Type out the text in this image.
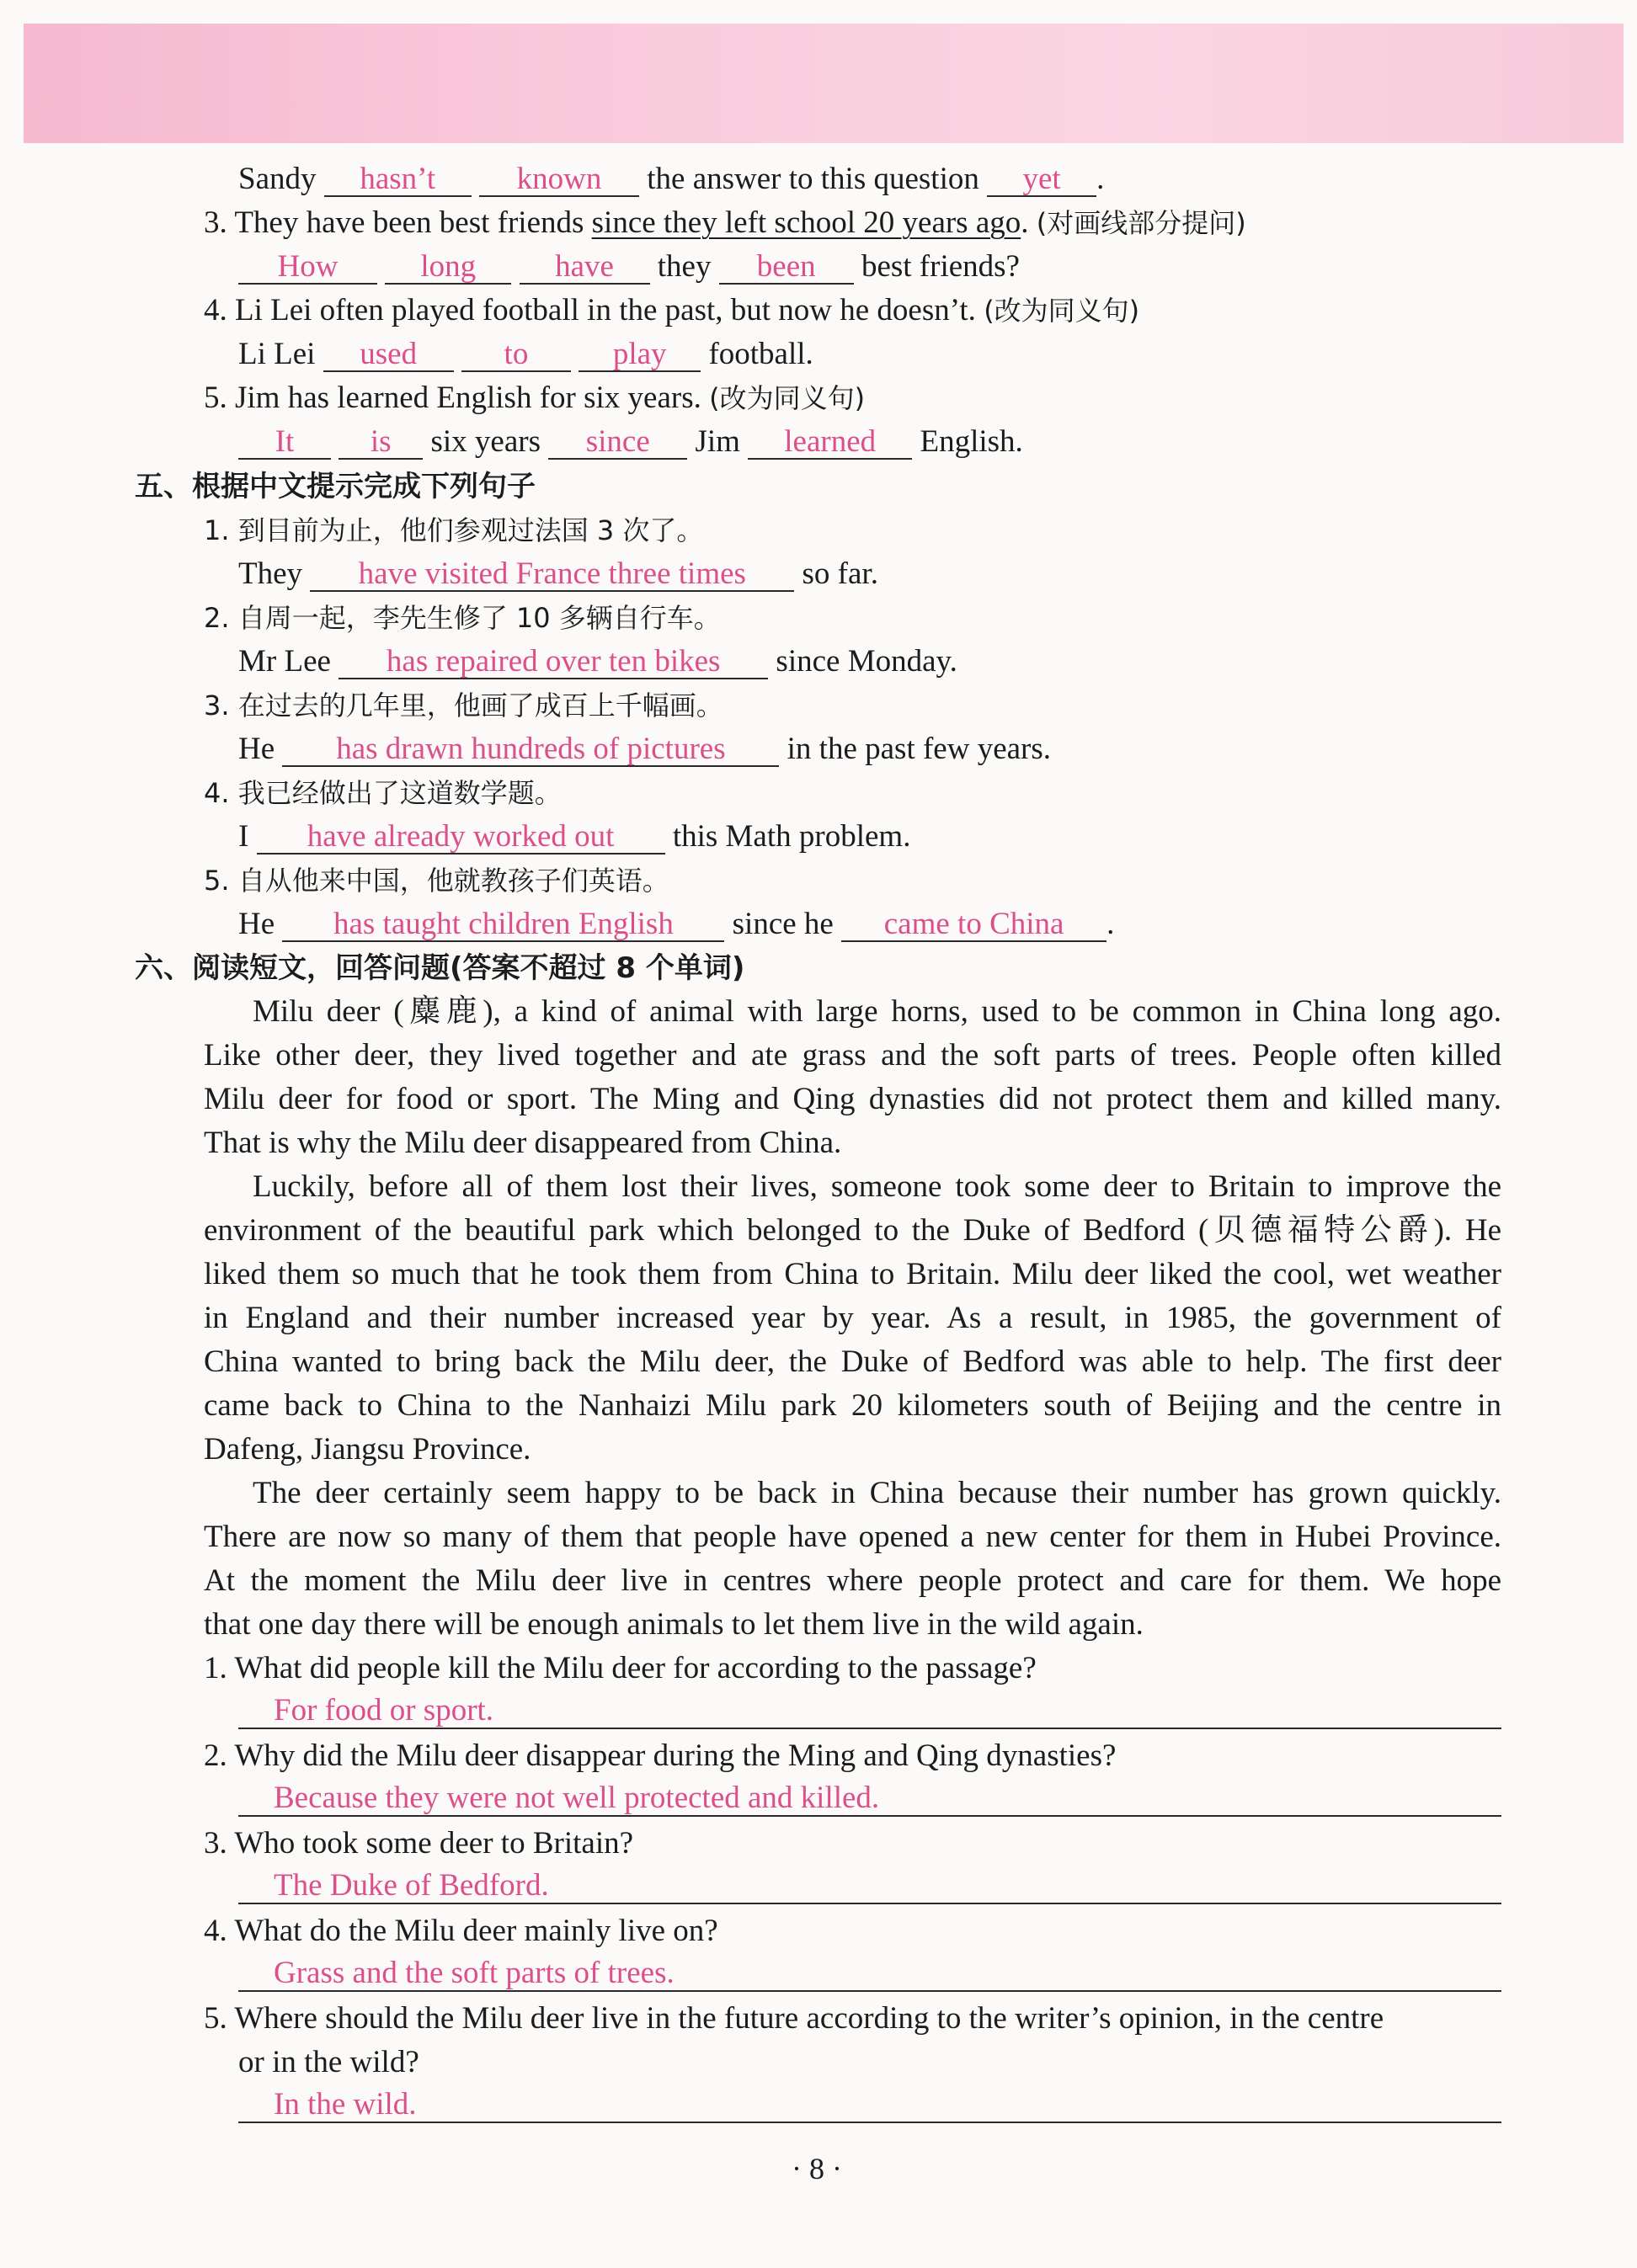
Sandy hasn’t	known the answer to this question yet .
3. They have been best friends since they left school 20 years ago. (对画线部分提问)
How	long	have they been best friends?
4. Li Lei often played football in the past, but now he doesn’t. (改为同义句)
Li Lei used	to	play football.
5. Jim has learned English for six years. (改为同义句)
It is six years since Jim learned English.
五、根据中文提示完成下列句子
1. 到目前为止，他们参观过法国 3 次了。
They have visited France three times so far.
2. 自周一起，李先生修了 10 多辆自行车。
Mr Lee has repaired over ten bikes since Monday.
3. 在过去的几年里，他画了成百上千幅画。
He has drawn hundreds of pictures in the past few years.
4. 我已经做出了这道数学题。
I have already worked out this Math problem.
5. 自从他来中国，他就教孩子们英语。
He has taught children English since he came to China .
六、阅读短文，回答问题(答案不超过 8 个单词)
Milu deer (麋鹿), a kind of animal with large horns, used to be common in China long ago.
Like other deer, they lived together and ate grass and the soft parts of trees. People often killed
Milu deer for food or sport. The Ming and Qing dynasties did not protect them and killed many.
That is why the Milu deer disappeared from China.
Luckily, before all of them lost their lives, someone took some deer to Britain to improve the
environment of the beautiful park which belonged to the Duke of Bedford (贝德福特公爵). He
liked them so much that he took them from China to Britain. Milu deer liked the cool, wet weather
in England and their number increased year by year. As a result, in 1985, the government of
China wanted to bring back the Milu deer, the Duke of Bedford was able to help. The first deer
came back to China to the Nanhaizi Milu park 20 kilometers south of Beijing and the centre in
Dafeng, Jiangsu Province.
The deer certainly seem happy to be back in China because their number has grown quickly.
There are now so many of them that people have opened a new center for them in Hubei Province.
At the moment the Milu deer live in centres where people protect and care for them. We hope
that one day there will be enough animals to let them live in the wild again.
1. What did people kill the Milu deer for according to the passage?
For food or sport.
2. Why did the Milu deer disappear during the Ming and Qing dynasties?
Because they were not well protected and killed.
3. Who took some deer to Britain?
The Duke of Bedford.
4. What do the Milu deer mainly live on?
Grass and the soft parts of trees.
5. Where should the Milu deer live in the future according to the writer’s opinion, in the centre
or in the wild?
In the wild.
· 8 ·
